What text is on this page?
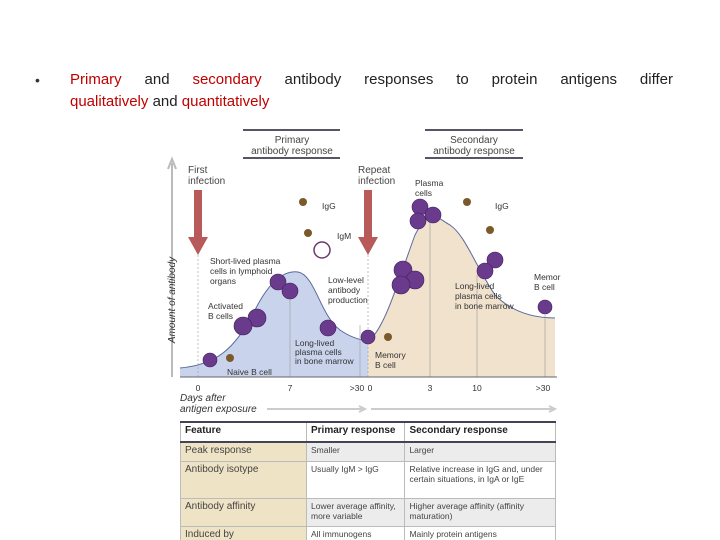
• Primary and secondary antibody responses to protein antigens differ
qualitatively and quantitatively
Amount of antibody
Primary
antibody response
Secondary
antibody response
First
infection
Repeat
infection
IgG
IgM
IgG
Short-lived plasma
cells in lymphoid
organs
Activated
B cells
Naive B cell
Low-level
antibody
production
Long-lived
plasma cells
in bone marrow
Memory
B cell
Plasma
cells
Long-lived
plasma cells
in bone marrow
Memor
B cell
0	7	>30 0	3	10	>30
Days after
antigen exposure
Feature	Primary response	Secondary response
Peak response	Smaller	Larger
Antibody isotype	Usually IgM > IgG	Relative increase in IgG and, under certain situations, in IgA or IgE
Antibody affinity	Lower average affinity, more variable	Higher average affinity (affinity maturation)
Induced by	All immunogens	Mainly protein antigens
